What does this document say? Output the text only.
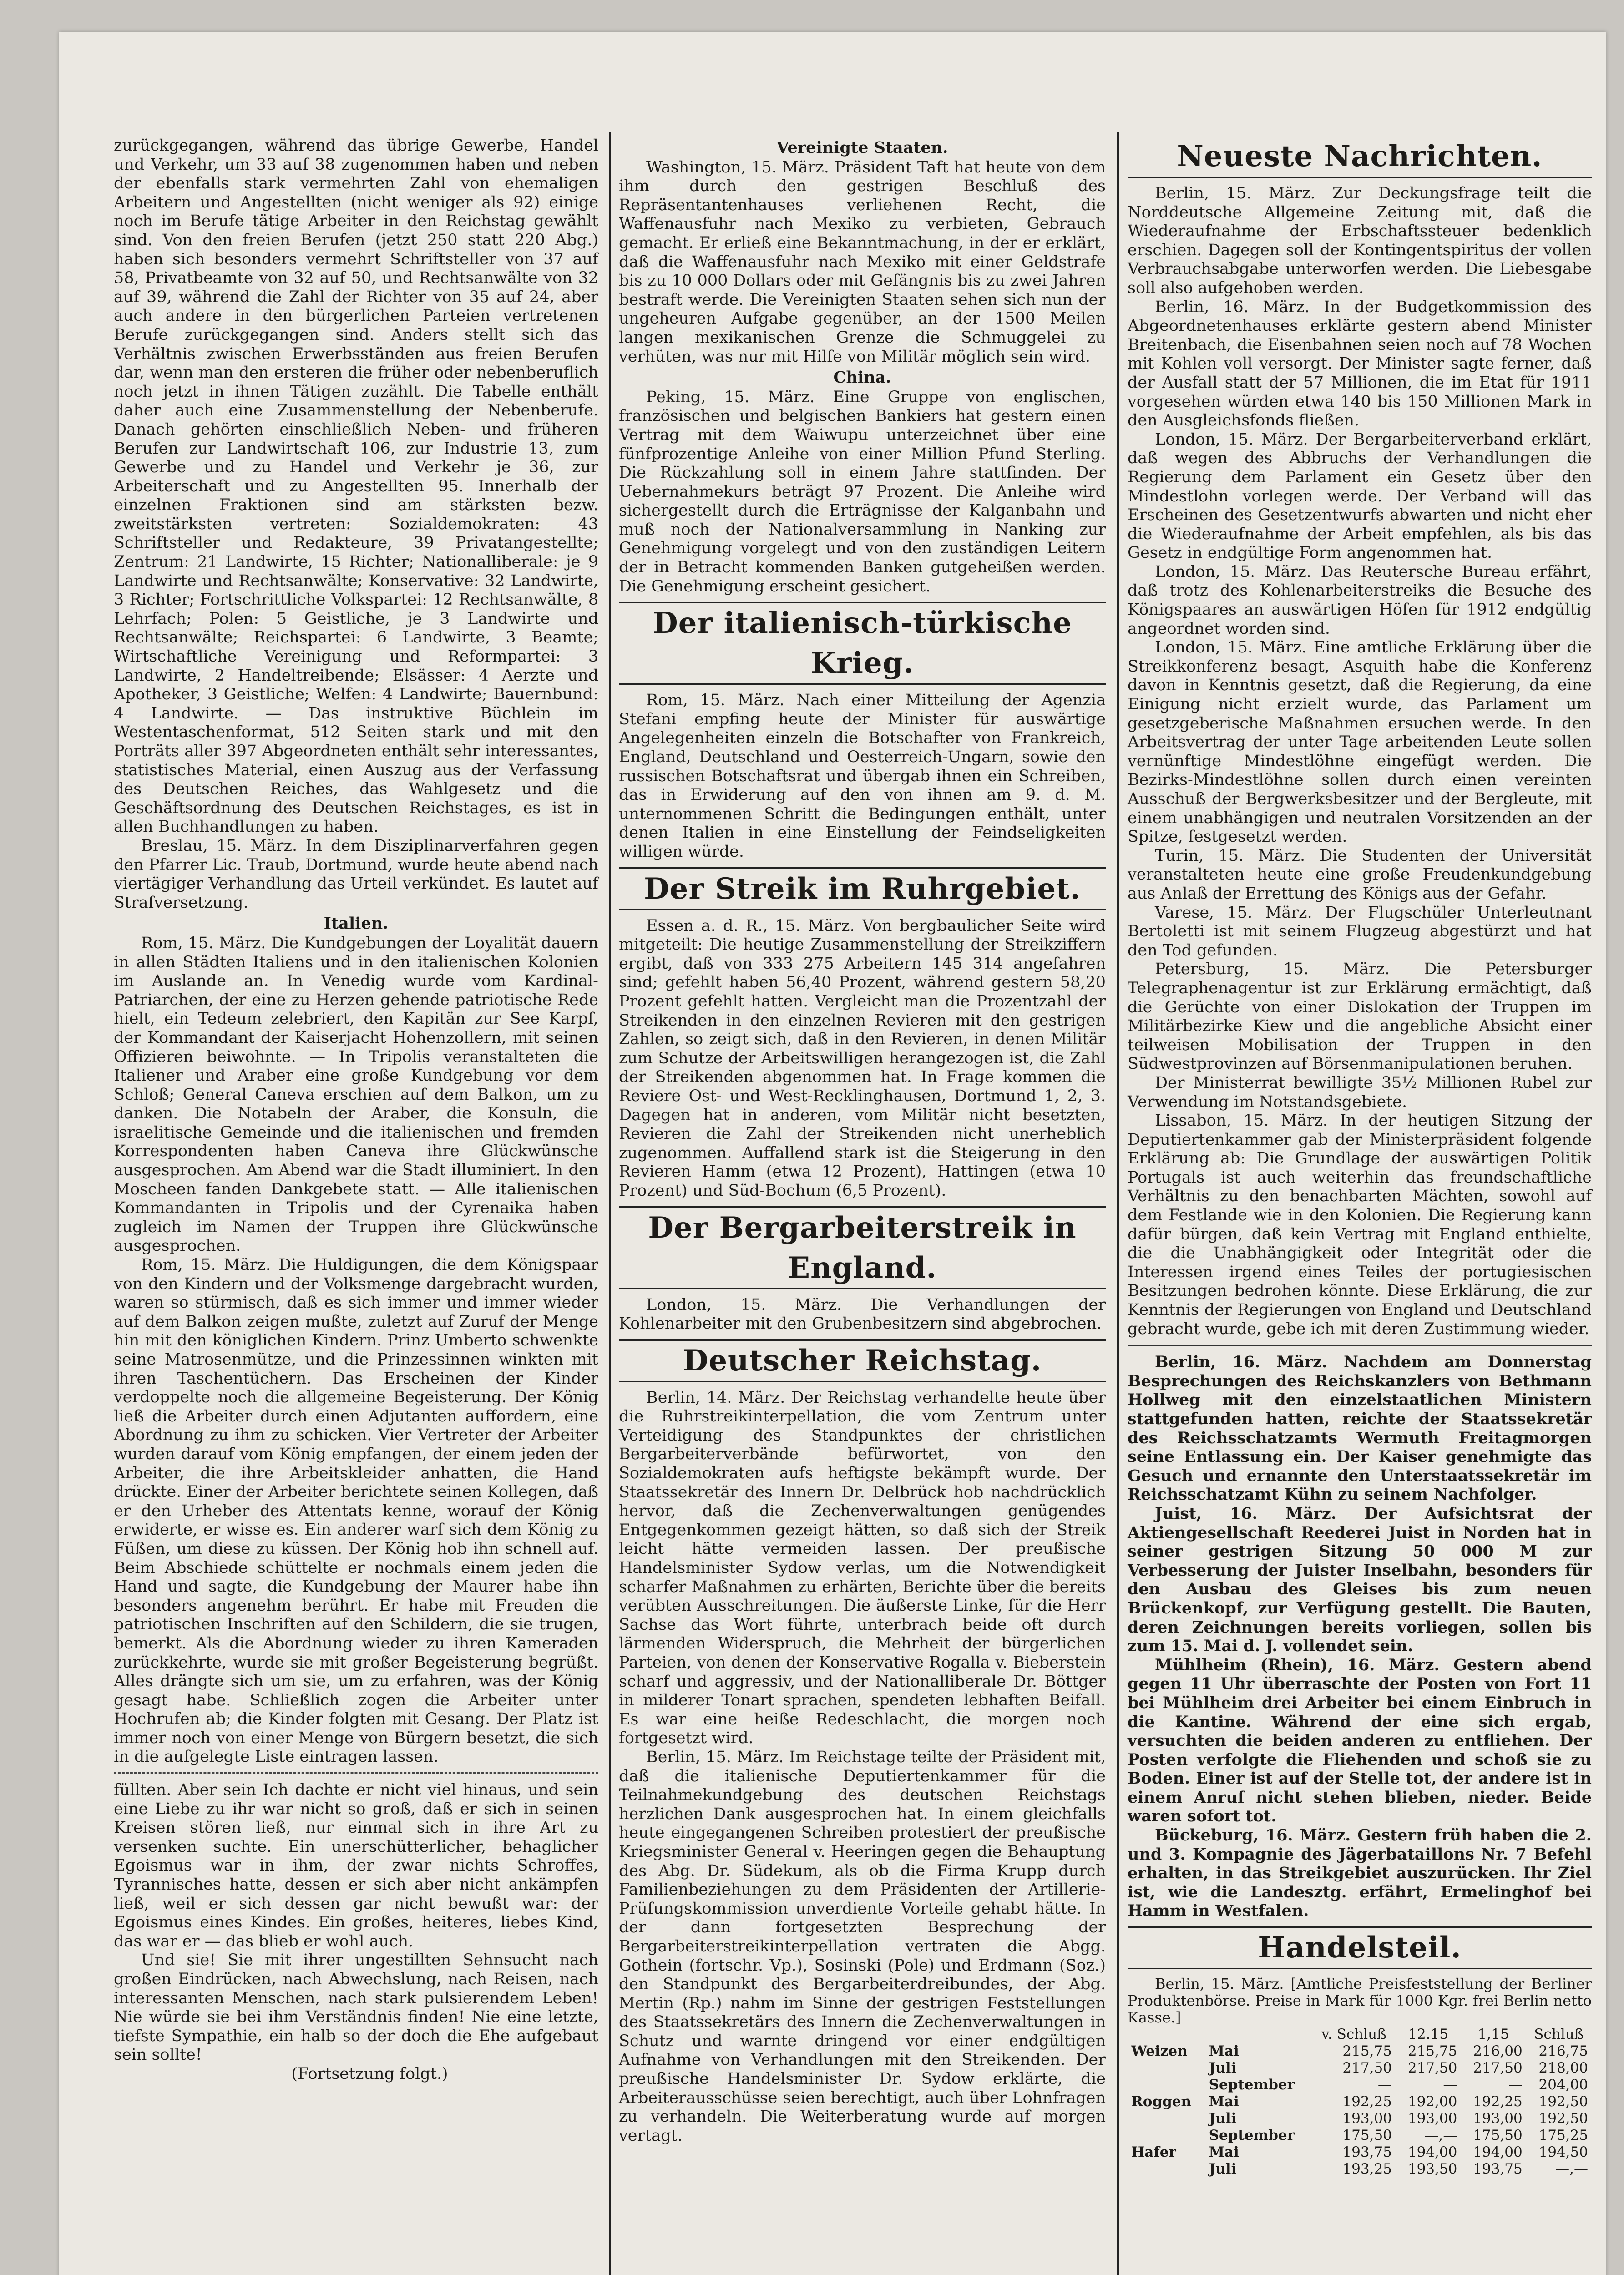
zurückgegangen, während das übrige Gewerbe, Handel und Verkehr, um 33 auf 38 zugenommen haben und neben der ebenfalls stark vermehrten Zahl von ehemaligen Arbeitern und Angestellten (nicht weniger als 92) einige noch im Berufe tätige Arbeiter in den Reichstag gewählt sind. Von den freien Berufen (jetzt 250 statt 220 Abg.) haben sich besonders vermehrt Schriftsteller von 37 auf 58, Privatbeamte von 32 auf 50, und Rechtsanwälte von 32 auf 39, während die Zahl der Richter von 35 auf 24, aber auch andere in den bürgerlichen Parteien vertretenen Berufe zurückgegangen sind. Anders stellt sich das Verhältnis zwischen Erwerbsständen aus freien Berufen dar, wenn man den ersteren die früher oder nebenberuflich noch jetzt in ihnen Tätigen zuzählt. Die Tabelle enthält daher auch eine Zusammenstellung der Nebenberufe. Danach gehörten einschließlich Neben- und früheren Berufen zur Landwirtschaft 106, zur Industrie 13, zum Gewerbe und zu Handel und Verkehr je 36, zur Arbeiterschaft und zu Angestellten 95. Innerhalb der einzelnen Fraktionen sind am stärksten bezw. zweitstärksten vertreten: Sozialdemokraten: 43 Schriftsteller und Redakteure, 39 Privatangestellte; Zentrum: 21 Landwirte, 15 Richter; Nationalliberale: je 9 Landwirte und Rechtsanwälte; Konservative: 32 Landwirte, 3 Richter; Fortschrittliche Volkspartei: 12 Rechtsanwälte, 8 Lehrfach; Polen: 5 Geistliche, je 3 Landwirte und Rechtsanwälte; Reichspartei: 6 Landwirte, 3 Beamte; Wirtschaftliche Vereinigung und Reformpartei: 3 Landwirte, 2 Handeltreibende; Elsässer: 4 Aerzte und Apotheker, 3 Geistliche; Welfen: 4 Landwirte; Bauernbund: 4 Landwirte. — Das instruktive Büchlein im Westentaschenformat, 512 Seiten stark und mit den Porträts aller 397 Abgeordneten enthält sehr interessantes, statistisches Material, einen Auszug aus der Verfassung des Deutschen Reiches, das Wahlgesetz und die Geschäftsordnung des Deutschen Reichstages, es ist in allen Buchhandlungen zu haben.

Breslau, 15. März. In dem Disziplinarverfahren gegen den Pfarrer Lic. Traub, Dortmund, wurde heute abend nach viertägiger Verhandlung das Urteil verkündet. Es lautet auf Strafversetzung.

Italien.

Rom, 15. März. Die Kundgebungen der Loyalität dauern in allen Städten Italiens und in den italienischen Kolonien im Auslande an. In Venedig wurde vom Kardinal-Patriarchen, der eine zu Herzen gehende patriotische Rede hielt, ein Tedeum zelebriert, den Kapitän zur See Karpf, der Kommandant der Kaiserjacht Hohenzollern, mit seinen Offizieren beiwohnte. — In Tripolis veranstalteten die Italiener und Araber eine große Kundgebung vor dem Schloß; General Caneva erschien auf dem Balkon, um zu danken. Die Notabeln der Araber, die Konsuln, die israelitische Gemeinde und die italienischen und fremden Korrespondenten haben Caneva ihre Glückwünsche ausgesprochen. Am Abend war die Stadt illuminiert. In den Moscheen fanden Dankgebete statt. — Alle italienischen Kommandanten in Tripolis und der Cyrenaika haben zugleich im Namen der Truppen ihre Glückwünsche ausgesprochen.

Rom, 15. März. Die Huldigungen, die dem Königspaar von den Kindern und der Volksmenge dargebracht wurden, waren so stürmisch, daß es sich immer und immer wieder auf dem Balkon zeigen mußte, zuletzt auf Zuruf der Menge hin mit den königlichen Kindern. Prinz Umberto schwenkte seine Matrosenmütze, und die Prinzessinnen winkten mit ihren Taschentüchern. Das Erscheinen der Kinder verdoppelte noch die allgemeine Begeisterung. Der König ließ die Arbeiter durch einen Adjutanten auffordern, eine Abordnung zu ihm zu schicken. Vier Vertreter der Arbeiter wurden darauf vom König empfangen, der einem jeden der Arbeiter, die ihre Arbeitskleider anhatten, die Hand drückte. Einer der Arbeiter berichtete seinen Kollegen, daß er den Urheber des Attentats kenne, worauf der König erwiderte, er wisse es. Ein anderer warf sich dem König zu Füßen, um diese zu küssen. Der König hob ihn schnell auf. Beim Abschiede schüttelte er nochmals einem jeden die Hand und sagte, die Kundgebung der Maurer habe ihn besonders angenehm berührt. Er habe mit Freuden die patriotischen Inschriften auf den Schildern, die sie trugen, bemerkt. Als die Abordnung wieder zu ihren Kameraden zurückkehrte, wurde sie mit großer Begeisterung begrüßt. Alles drängte sich um sie, um zu erfahren, was der König gesagt habe. Schließlich zogen die Arbeiter unter Hochrufen ab; die Kinder folgten mit Gesang. Der Platz ist immer noch von einer Menge von Bürgern besetzt, die sich in die aufgelegte Liste eintragen lassen.

füllten. Aber sein Ich dachte er nicht viel hinaus, und sein eine Liebe zu ihr war nicht so groß, daß er sich in seinen Kreisen stören ließ, nur einmal sich in ihre Art zu versenken suchte. Ein unerschütterlicher, behaglicher Egoismus war in ihm, der zwar nichts Schroffes, Tyrannisches hatte, dessen er sich aber nicht ankämpfen ließ, weil er sich dessen gar nicht bewußt war: der Egoismus eines Kindes. Ein großes, heiteres, liebes Kind, das war er — das blieb er wohl auch.

Und sie! Sie mit ihrer ungestillten Sehnsucht nach großen Eindrücken, nach Abwechslung, nach Reisen, nach interessanten Menschen, nach stark pulsierendem Leben! Nie würde sie bei ihm Verständnis finden! Nie eine letzte, tiefste Sympathie, ein halb so der doch die Ehe aufgebaut sein sollte!

(Fortsetzung folgt.)

Vereinigte Staaten.

Washington, 15. März. Präsident Taft hat heute von dem ihm durch den gestrigen Beschluß des Repräsentantenhauses verliehenen Recht, die Waffenausfuhr nach Mexiko zu verbieten, Gebrauch gemacht. Er erließ eine Bekanntmachung, in der er erklärt, daß die Waffenausfuhr nach Mexiko mit einer Geldstrafe bis zu 10 000 Dollars oder mit Gefängnis bis zu zwei Jahren bestraft werde. Die Vereinigten Staaten sehen sich nun der ungeheuren Aufgabe gegenüber, an der 1500 Meilen langen mexikanischen Grenze die Schmuggelei zu verhüten, was nur mit Hilfe von Militär möglich sein wird.

China.

Peking, 15. März. Eine Gruppe von englischen, französischen und belgischen Bankiers hat gestern einen Vertrag mit dem Waiwupu unterzeichnet über eine fünfprozentige Anleihe von einer Million Pfund Sterling. Die Rückzahlung soll in einem Jahre stattfinden. Der Uebernahmekurs beträgt 97 Prozent. Die Anleihe wird sichergestellt durch die Erträgnisse der Kalganbahn und muß noch der Nationalversammlung in Nanking zur Genehmigung vorgelegt und von den zuständigen Leitern der in Betracht kommenden Banken gutgeheißen werden. Die Genehmigung erscheint gesichert.

Der italienisch-türkische Krieg.

Rom, 15. März. Nach einer Mitteilung der Agenzia Stefani empfing heute der Minister für auswärtige Angelegenheiten einzeln die Botschafter von Frankreich, England, Deutschland und Oesterreich-Ungarn, sowie den russischen Botschaftsrat und übergab ihnen ein Schreiben, das in Erwiderung auf den von ihnen am 9. d. M. unternommenen Schritt die Bedingungen enthält, unter denen Italien in eine Einstellung der Feindseligkeiten willigen würde.

Der Streik im Ruhrgebiet.

Essen a. d. R., 15. März. Von bergbaulicher Seite wird mitgeteilt: Die heutige Zusammenstellung der Streikziffern ergibt, daß von 333 275 Arbeitern 145 314 angefahren sind; gefehlt haben 56,40 Prozent, während gestern 58,20 Prozent gefehlt hatten. Vergleicht man die Prozentzahl der Streikenden in den einzelnen Revieren mit den gestrigen Zahlen, so zeigt sich, daß in den Revieren, in denen Militär zum Schutze der Arbeitswilligen herangezogen ist, die Zahl der Streikenden abgenommen hat. In Frage kommen die Reviere Ost- und West-Recklinghausen, Dortmund 1, 2, 3. Dagegen hat in anderen, vom Militär nicht besetzten, Revieren die Zahl der Streikenden nicht unerheblich zugenommen. Auffallend stark ist die Steigerung in den Revieren Hamm (etwa 12 Prozent), Hattingen (etwa 10 Prozent) und Süd-Bochum (6,5 Prozent).

Der Bergarbeiterstreik in England.

London, 15. März. Die Verhandlungen der Kohlenarbeiter mit den Grubenbesitzern sind abgebrochen.

Deutscher Reichstag.

Berlin, 14. März. Der Reichstag verhandelte heute über die Ruhrstreikinterpellation, die vom Zentrum unter Verteidigung des Standpunktes der christlichen Bergarbeiterverbände befürwortet, von den Sozialdemokraten aufs heftigste bekämpft wurde. Der Staatssekretär des Innern Dr. Delbrück hob nachdrücklich hervor, daß die Zechenverwaltungen genügendes Entgegenkommen gezeigt hätten, so daß sich der Streik leicht hätte vermeiden lassen. Der preußische Handelsminister Sydow verlas, um die Notwendigkeit scharfer Maßnahmen zu erhärten, Berichte über die bereits verübten Ausschreitungen. Die äußerste Linke, für die Herr Sachse das Wort führte, unterbrach beide oft durch lärmenden Widerspruch, die Mehrheit der bürgerlichen Parteien, von denen der Konservative Rogalla v. Bieberstein scharf und aggressiv, und der Nationalliberale Dr. Böttger in milderer Tonart sprachen, spendeten lebhaften Beifall. Es war eine heiße Redeschlacht, die morgen noch fortgesetzt wird.

Berlin, 15. März. Im Reichstage teilte der Präsident mit, daß die italienische Deputiertenkammer für die Teilnahmekundgebung des deutschen Reichstags herzlichen Dank ausgesprochen hat. In einem gleichfalls heute eingegangenen Schreiben protestiert der preußische Kriegsminister General v. Heeringen gegen die Behauptung des Abg. Dr. Südekum, als ob die Firma Krupp durch Familienbeziehungen zu dem Präsidenten der Artillerie-Prüfungskommission unverdiente Vorteile gehabt hätte. In der dann fortgesetzten Besprechung der Bergarbeiterstreikinterpellation vertraten die Abgg. Gothein (fortschr. Vp.), Sosinski (Pole) und Erdmann (Soz.) den Standpunkt des Bergarbeiterdreibundes, der Abg. Mertin (Rp.) nahm im Sinne der gestrigen Feststellungen des Staatssekretärs des Innern die Zechenverwaltungen in Schutz und warnte dringend vor einer endgültigen Aufnahme von Verhandlungen mit den Streikenden. Der preußische Handelsminister Dr. Sydow erklärte, die Arbeiterausschüsse seien berechtigt, auch über Lohnfragen zu verhandeln. Die Weiterberatung wurde auf morgen vertagt.

Neueste Nachrichten.

Berlin, 15. März. Zur Deckungsfrage teilt die Norddeutsche Allgemeine Zeitung mit, daß die Wiederaufnahme der Erbschaftssteuer bedenklich erschien. Dagegen soll der Kontingentspiritus der vollen Verbrauchsabgabe unterworfen werden. Die Liebesgabe soll also aufgehoben werden.

Berlin, 16. März. In der Budgetkommission des Abgeordnetenhauses erklärte gestern abend Minister Breitenbach, die Eisenbahnen seien noch auf 78 Wochen mit Kohlen voll versorgt. Der Minister sagte ferner, daß der Ausfall statt der 57 Millionen, die im Etat für 1911 vorgesehen würden etwa 140 bis 150 Millionen Mark in den Ausgleichsfonds fließen.

London, 15. März. Der Bergarbeiterverband erklärt, daß wegen des Abbruchs der Verhandlungen die Regierung dem Parlament ein Gesetz über den Mindestlohn vorlegen werde. Der Verband will das Erscheinen des Gesetzentwurfs abwarten und nicht eher die Wiederaufnahme der Arbeit empfehlen, als bis das Gesetz in endgültige Form angenommen hat.

London, 15. März. Das Reutersche Bureau erfährt, daß trotz des Kohlenarbeiterstreiks die Besuche des Königspaares an auswärtigen Höfen für 1912 endgültig angeordnet worden sind.

London, 15. März. Eine amtliche Erklärung über die Streikkonferenz besagt, Asquith habe die Konferenz davon in Kenntnis gesetzt, daß die Regierung, da eine Einigung nicht erzielt wurde, das Parlament um gesetzgeberische Maßnahmen ersuchen werde. In den Arbeitsvertrag der unter Tage arbeitenden Leute sollen vernünftige Mindestlöhne eingefügt werden. Die Bezirks-Mindestlöhne sollen durch einen vereinten Ausschuß der Bergwerksbesitzer und der Bergleute, mit einem unabhängigen und neutralen Vorsitzenden an der Spitze, festgesetzt werden.

Turin, 15. März. Die Studenten der Universität veranstalteten heute eine große Freudenkundgebung aus Anlaß der Errettung des Königs aus der Gefahr.

Varese, 15. März. Der Flugschüler Unterleutnant Bertoletti ist mit seinem Flugzeug abgestürzt und hat den Tod gefunden.

Petersburg, 15. März. Die Petersburger Telegraphenagentur ist zur Erklärung ermächtigt, daß die Gerüchte von einer Dislokation der Truppen im Militärbezirke Kiew und die angebliche Absicht einer teilweisen Mobilisation der Truppen in den Südwestprovinzen auf Börsenmanipulationen beruhen.

Der Ministerrat bewilligte 35½ Millionen Rubel zur Verwendung im Notstandsgebiete.

Lissabon, 15. März. In der heutigen Sitzung der Deputiertenkammer gab der Ministerpräsident folgende Erklärung ab: Die Grundlage der auswärtigen Politik Portugals ist auch weiterhin das freundschaftliche Verhältnis zu den benachbarten Mächten, sowohl auf dem Festlande wie in den Kolonien. Die Regierung kann dafür bürgen, daß kein Vertrag mit England enthielte, die die Unabhängigkeit oder Integrität oder die Interessen irgend eines Teiles der portugiesischen Besitzungen bedrohen könnte. Diese Erklärung, die zur Kenntnis der Regierungen von England und Deutschland gebracht wurde, gebe ich mit deren Zustimmung wieder.

Berlin, 16. März. Nachdem am Donnerstag Besprechungen des Reichskanzlers von Bethmann Hollweg mit den einzelstaatlichen Ministern stattgefunden hatten, reichte der Staatssekretär des Reichsschatzamts Wermuth Freitagmorgen seine Entlassung ein. Der Kaiser genehmigte das Gesuch und ernannte den Unterstaatssekretär im Reichsschatzamt Kühn zu seinem Nachfolger.

Juist, 16. März. Der Aufsichtsrat der Aktiengesellschaft Reederei Juist in Norden hat in seiner gestrigen Sitzung 50 000 M zur Verbesserung der Juister Inselbahn, besonders für den Ausbau des Gleises bis zum neuen Brückenkopf, zur Verfügung gestellt. Die Bauten, deren Zeichnungen bereits vorliegen, sollen bis zum 15. Mai d. J. vollendet sein.

Mühlheim (Rhein), 16. März. Gestern abend gegen 11 Uhr überraschte der Posten von Fort 11 bei Mühlheim drei Arbeiter bei einem Einbruch in die Kantine. Während der eine sich ergab, versuchten die beiden anderen zu entfliehen. Der Posten verfolgte die Fliehenden und schoß sie zu Boden. Einer ist auf der Stelle tot, der andere ist in einem Anruf nicht stehen blieben, nieder. Beide waren sofort tot.

Bückeburg, 16. März. Gestern früh haben die 2. und 3. Kompagnie des Jägerbataillons Nr. 7 Befehl erhalten, in das Streikgebiet auszurücken. Ihr Ziel ist, wie die Landesztg. erfährt, Ermelinghof bei Hamm in Westfalen.

Handelsteil.

Berlin, 15. März. [Amtliche Preisfeststellung der Berliner Produktenbörse. Preise in Mark für 1000 Kgr. frei Berlin netto Kasse.]

		v. Schluß	12.15	1,15	Schluß
Weizen	Mai	215,75	215,75	216,00	216,75
	Juli	217,50	217,50	217,50	218,00
	September	—	—	—	204,00
Roggen	Mai	192,25	192,00	192,25	192,50
	Juli	193,00	193,00	193,00	192,50
	September	175,50	—,—	175,50	175,25
Hafer	Mai	193,75	194,00	194,00	194,50
	Juli	193,25	193,50	193,75	—,—
